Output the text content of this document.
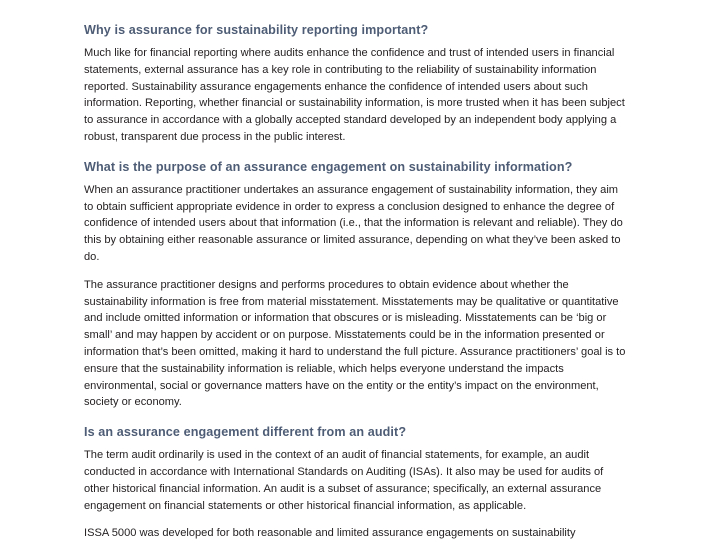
Why is assurance for sustainability reporting important?

Much like for financial reporting where audits enhance the confidence and trust of intended users in financial statements, external assurance has a key role in contributing to the reliability of sustainability information reported. Sustainability assurance engagements enhance the confidence of intended users about such information. Reporting, whether financial or sustainability information, is more trusted when it has been subject to assurance in accordance with a globally accepted standard developed by an independent body applying a robust, transparent due process in the public interest.

What is the purpose of an assurance engagement on sustainability information?

When an assurance practitioner undertakes an assurance engagement of sustainability information, they aim to obtain sufficient appropriate evidence in order to express a conclusion designed to enhance the degree of confidence of intended users about that information (i.e., that the information is relevant and reliable). They do this by obtaining either reasonable assurance or limited assurance, depending on what they’ve been asked to do.

The assurance practitioner designs and performs procedures to obtain evidence about whether the sustainability information is free from material misstatement. Misstatements may be qualitative or quantitative and include omitted information or information that obscures or is misleading. Misstatements can be ‘big or small’ and may happen by accident or on purpose. Misstatements could be in the information presented or information that’s been omitted, making it hard to understand the full picture. Assurance practitioners’ goal is to ensure that the sustainability information is reliable, which helps everyone understand the impacts environmental, social or governance matters have on the entity or the entity’s impact on the environment, society or economy.

Is an assurance engagement different from an audit?

The term audit ordinarily is used in the context of an audit of financial statements, for example, an audit conducted in accordance with International Standards on Auditing (ISAs). It also may be used for audits of other historical financial information. An audit is a subset of assurance; specifically, an external assurance engagement on financial statements or other historical financial information, as applicable.

ISSA 5000 was developed for both reasonable and limited assurance engagements on sustainability
